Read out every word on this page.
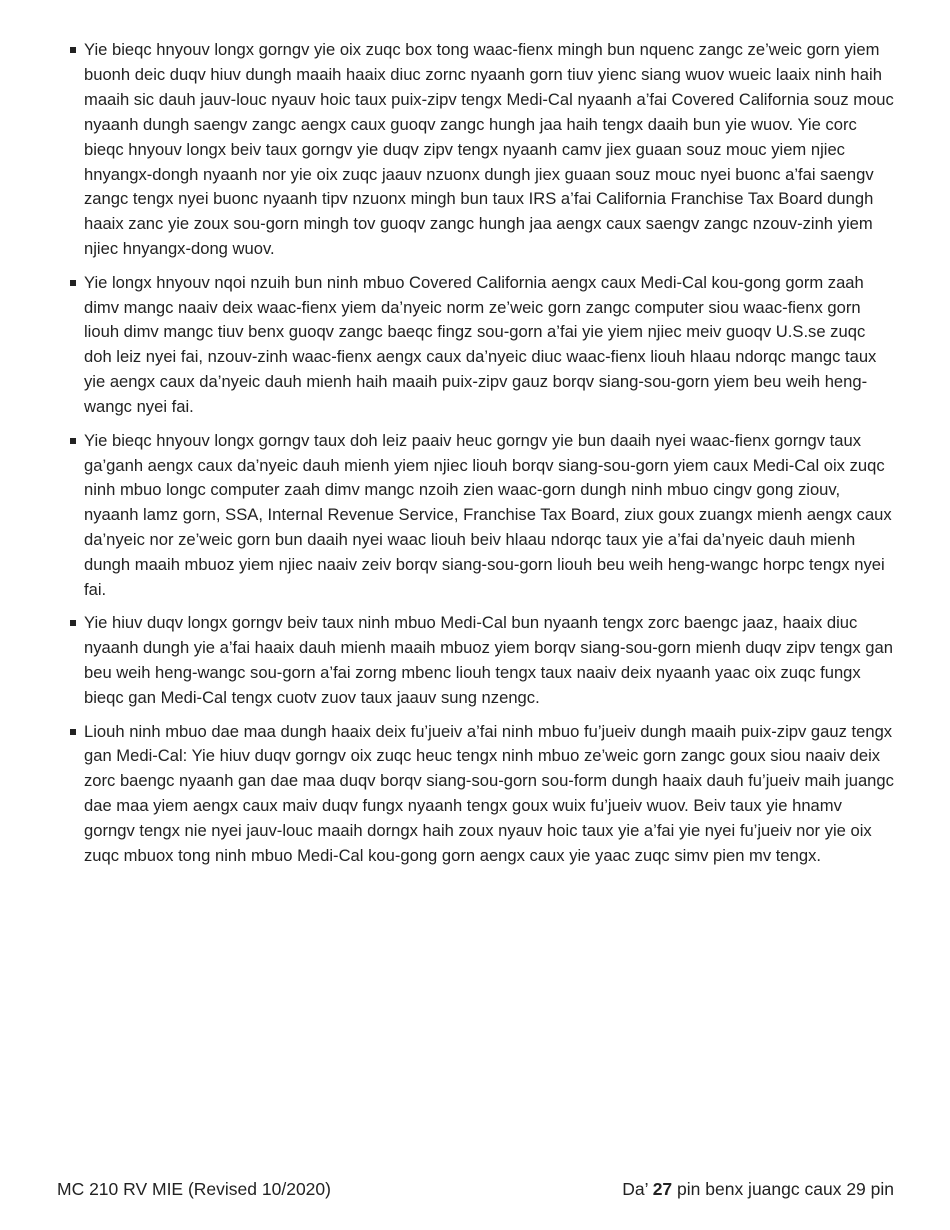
Yie bieqc hnyouv longx gorngv yie oix zuqc box tong waac-fienx mingh bun nquenc zangc ze’weic gorn yiem buonh deic duqv hiuv dungh maaih haaix diuc zornc nyaanh gorn tiuv yienc siang wuov wueic laaix ninh haih maaih sic dauh jauv-louc nyauv hoic taux puix-zipv tengx Medi-Cal nyaanh a’fai Covered California souz mouc nyaanh dungh saengv zangc aengx caux guoqv zangc hungh jaa haih tengx daaih bun yie wuov. Yie corc bieqc hnyouv longx beiv taux gorngv yie duqv zipv tengx nyaanh camv jiex guaan souz mouc yiem njiec hnyangx-dongh nyaanh nor yie oix zuqc jaauv nzuonx dungh jiex guaan souz mouc nyei buonc a’fai saengv zangc tengx nyei buonc nyaanh tipv nzuonx mingh bun taux IRS a’fai California Franchise Tax Board dungh haaix zanc yie zoux sou-gorn mingh tov guoqv zangc hungh jaa aengx caux saengv zangc nzouv-zinh yiem njiec hnyangx-dong wuov.
Yie longx hnyouv nqoi nzuih bun ninh mbuo Covered California aengx caux Medi-Cal kou-gong gorm zaah dimv mangc naaiv deix waac-fienx yiem da’nyeic norm ze’weic gorn zangc computer siou waac-fienx gorn liouh dimv mangc tiuv benx guoqv zangc baeqc fingz sou-gorn a’fai yie yiem njiec meiv guoqv U.S.se zuqc doh leiz nyei fai, nzouv-zinh waac-fienx aengx caux da’nyeic diuc waac-fienx liouh hlaau ndorqc mangc taux yie aengx caux da’nyeic dauh mienh haih maaih puix-zipv gauz borqv siang-sou-gorn yiem beu weih heng-wangc nyei fai.
Yie bieqc hnyouv longx gorngv taux doh leiz paaiv heuc gorngv yie bun daaih nyei waac-fienx gorngv taux ga’ganh aengx caux da’nyeic dauh mienh yiem njiec liouh borqv siang-sou-gorn yiem caux Medi-Cal oix zuqc ninh mbuo longc computer zaah dimv mangc nzoih zien waac-gorn dungh ninh mbuo cingv gong ziouv, nyaanh lamz gorn, SSA, Internal Revenue Service, Franchise Tax Board, ziux goux zuangx mienh aengx caux da’nyeic nor ze’weic gorn bun daaih nyei waac liouh beiv hlaau ndorqc taux yie a’fai da’nyeic dauh mienh dungh maaih mbuoz yiem njiec naaiv zeiv borqv siang-sou-gorn liouh beu weih heng-wangc horpc tengx nyei fai.
Yie hiuv duqv longx gorngv beiv taux ninh mbuo Medi-Cal bun nyaanh tengx zorc baengc jaaz, haaix diuc nyaanh dungh yie a’fai haaix dauh mienh maaih mbuoz yiem borqv siang-sou-gorn mienh duqv zipv tengx gan beu weih heng-wangc sou-gorn a’fai zorng mbenc liouh tengx taux naaiv deix nyaanh yaac oix zuqc fungx bieqc gan Medi-Cal tengx cuotv zuov taux jaauv sung nzengc.
Liouh ninh mbuo dae maa dungh haaix deix fu’jueiv a’fai ninh mbuo fu’jueiv dungh maaih puix-zipv gauz tengx gan Medi-Cal: Yie hiuv duqv gorngv oix zuqc heuc tengx ninh mbuo ze’weic gorn zangc goux siou naaiv deix zorc baengc nyaanh gan dae maa duqv borqv siang-sou-gorn sou-form dungh haaix dauh fu’jueiv maih juangc dae maa yiem aengx caux maiv duqv fungx nyaanh tengx goux wuix fu’jueiv wuov. Beiv taux yie hnamv gorngv tengx nie nyei jauv-louc maaih dorngx haih zoux nyauv hoic taux yie a’fai yie nyei fu’jueiv nor yie oix zuqc mbuox tong ninh mbuo Medi-Cal kou-gong gorn aengx caux yie yaac zuqc simv pien mv tengx.
MC 210 RV MIE (Revised 10/2020)	Da’ 27 pin benx juangc caux 29 pin
